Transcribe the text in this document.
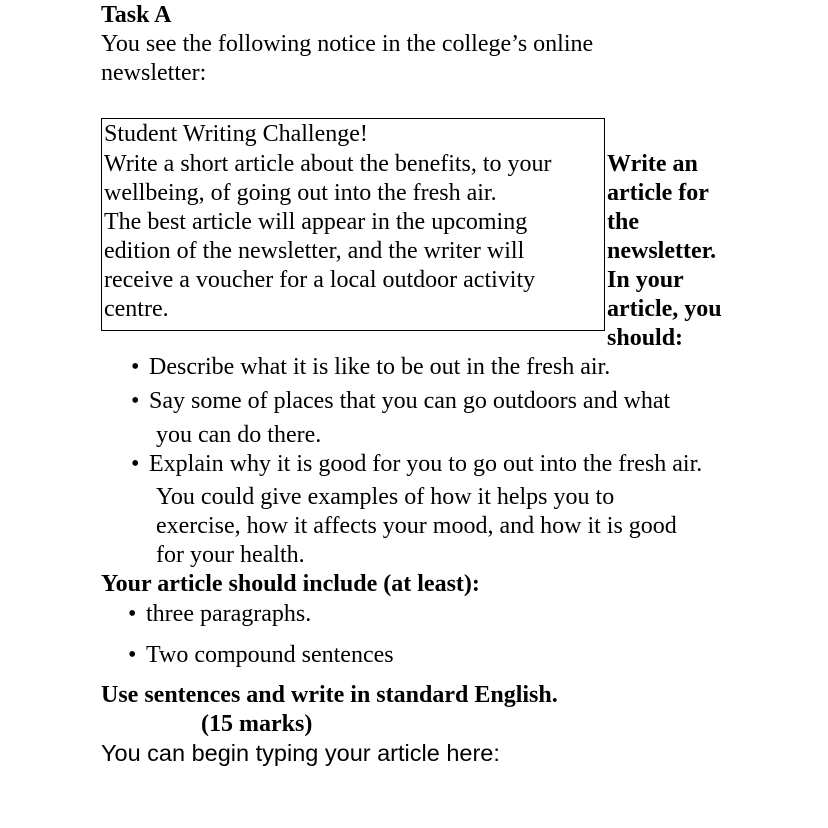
Task A
You see the following notice in the college’s online
newsletter:
Student Writing Challenge!
Write a short article about the benefits, to your
wellbeing, of going out into the fresh air.
The best article will appear in the upcoming
edition of the newsletter, and the writer will
receive a voucher for a local outdoor activity
centre.
Write an
article for
the
newsletter.
In your
article, you
should:
• Describe what it is like to be out in the fresh air.
• Say some of places that you can go outdoors and what
you can do there.
• Explain why it is good for you to go out into the fresh air.
You could give examples of how it helps you to
exercise, how it affects your mood, and how it is good
for your health.
Your article should include (at least):
• three paragraphs.
• Two compound sentences
Use sentences and write in standard English.
(15 marks)
You can begin typing your article here:
